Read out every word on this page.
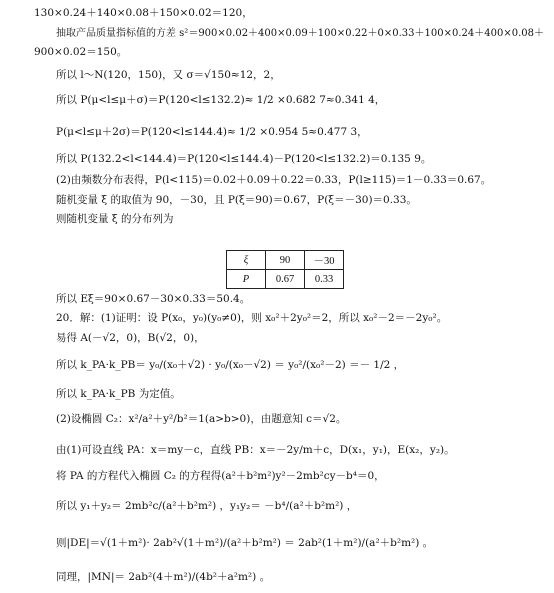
130×0.24＋140×0.08＋150×0.02＝120，
抽取产品质量指标值的方差 s²＝900×0.02＋400×0.09＋100×0.22＋0×0.33＋100×0.24＋400×0.08＋
900×0.02＝150。
所以 l～N(120，150)，又 σ＝√150≈12，2，
所以 P(μ<l≤μ＋σ)＝P(120<l≤132.2)≈ 1/2 ×0.682 7≈0.341 4，
P(μ<l≤μ＋2σ)＝P(120<l≤144.4)≈ 1/2 ×0.954 5≈0.477 3，
所以 P(132.2<l<144.4)＝P(120<l≤144.4)－P(120<l≤132.2)＝0.135 9。
(2)由频数分布表得，P(l<115)＝0.02＋0.09＋0.22＝0.33，P(l≥115)＝1－0.33＝0.67。
随机变量 ξ 的取值为 90，－30，且 P(ξ＝90)＝0.67，P(ξ＝－30)＝0.33。
则随机变量 ξ 的分布列为
ξ	90	－30
P	0.67	0.33
所以 Eξ＝90×0.67－30×0.33＝50.4。
20．解：(1)证明：设 P(x₀，y₀)(y₀≠0)，则 x₀²＋2y₀²＝2，所以 x₀²－2＝－2y₀²。
易得 A(－√2，0)，B(√2，0)，
所以 k_PA·k_PB＝ y₀/(x₀＋√2) · y₀/(x₀－√2) ＝ y₀²/(x₀²－2) ＝－ 1/2 ，
所以 k_PA·k_PB 为定值。
(2)设椭圆 C₂：x²/a²＋y²/b²＝1(a>b>0)，由题意知 c＝√2。
由(1)可设直线 PA：x＝my－c，直线 PB：x＝－2y/m＋c，D(x₁，y₁)，E(x₂，y₂)。
将 PA 的方程代入椭圆 C₂ 的方程得(a²＋b²m²)y²－2mb²cy－b⁴＝0，
所以 y₁＋y₂＝ 2mb²c/(a²＋b²m²) ，y₁y₂＝ －b⁴/(a²＋b²m²) ，
则|DE|＝√(1＋m²)· 2ab²√(1＋m²)/(a²＋b²m²) ＝ 2ab²(1＋m²)/(a²＋b²m²) 。
同理，|MN|＝ 2ab²(4＋m²)/(4b²＋a²m²) 。
